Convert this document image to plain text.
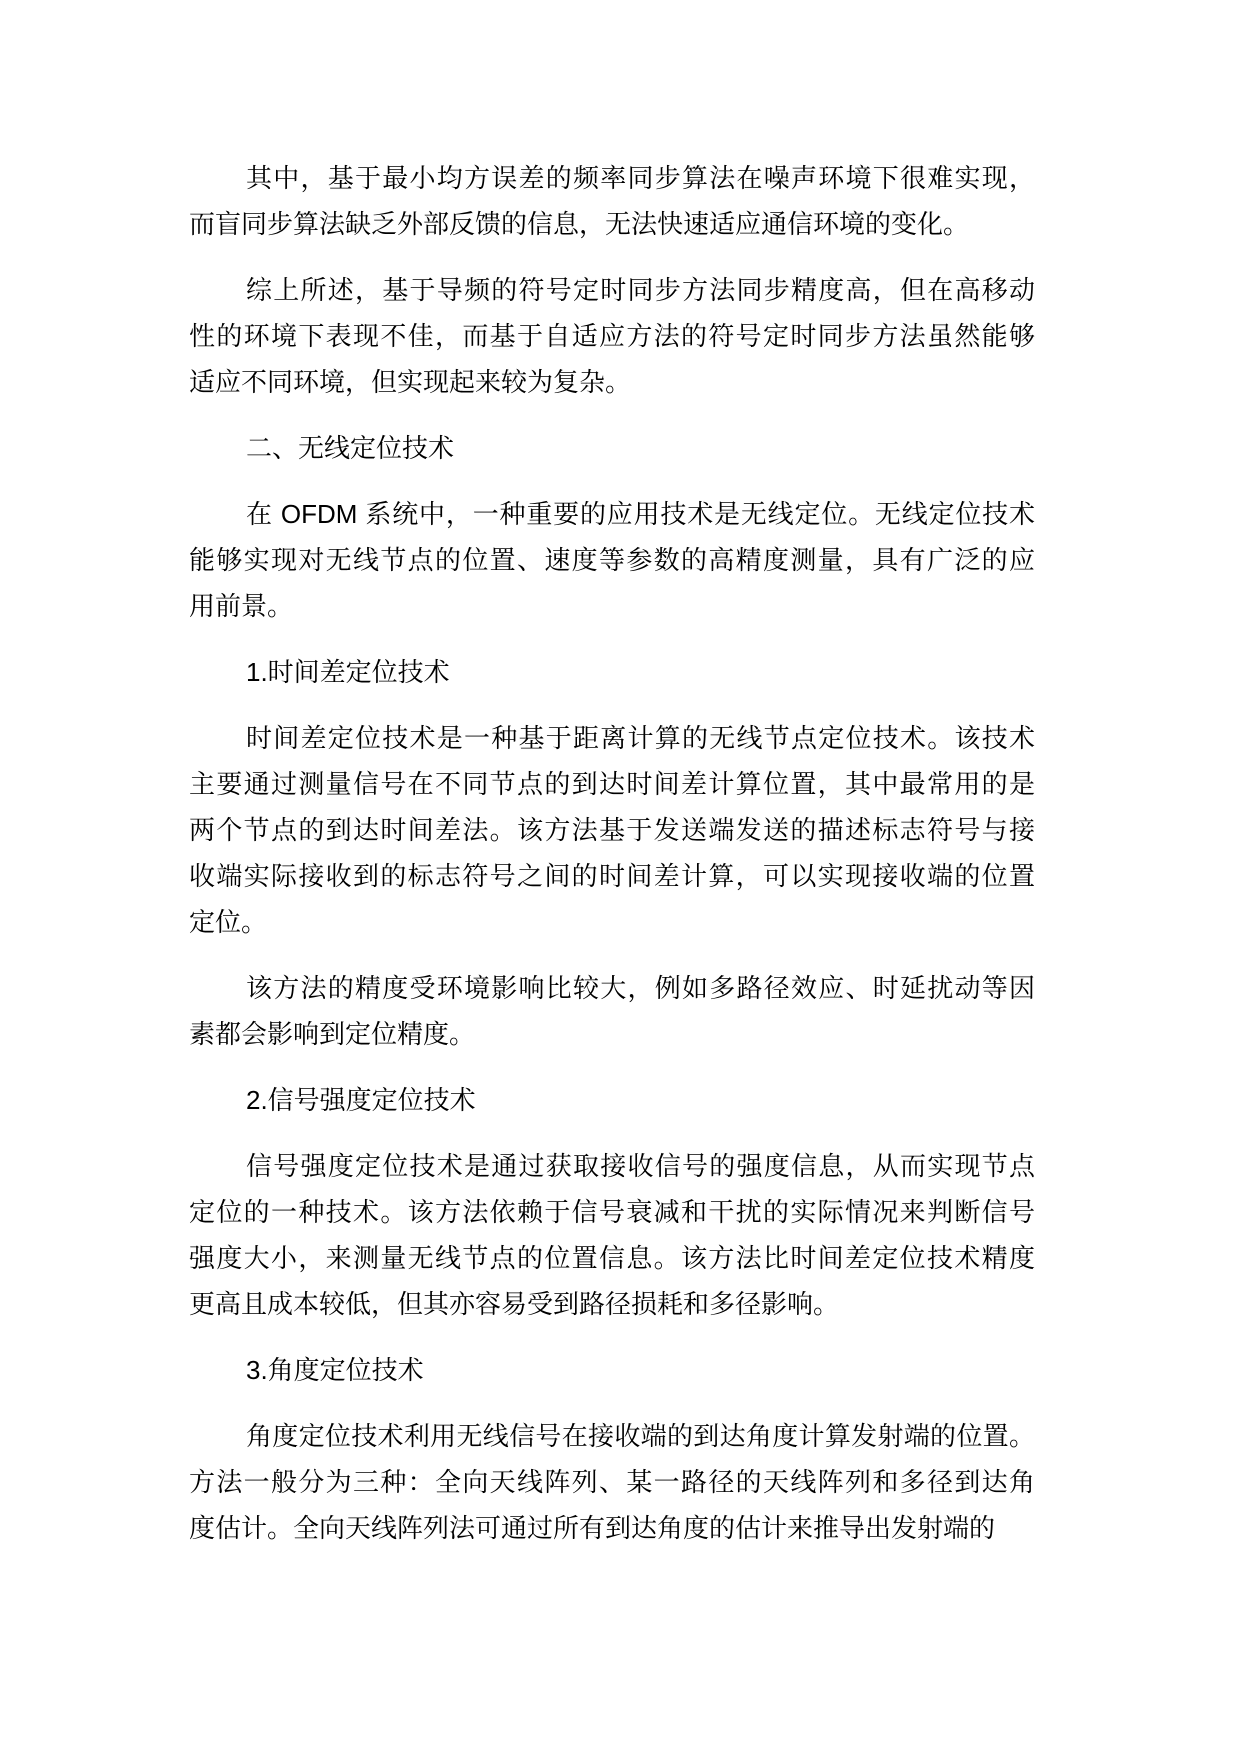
其中，基于最小均方误差的频率同步算法在噪声环境下很难实现，
而盲同步算法缺乏外部反馈的信息，无法快速适应通信环境的变化。
综上所述，基于导频的符号定时同步方法同步精度高，但在高移动
性的环境下表现不佳，而基于自适应方法的符号定时同步方法虽然能够
适应不同环境，但实现起来较为复杂。
二、无线定位技术
在 OFDM 系统中，一种重要的应用技术是无线定位。无线定位技术
能够实现对无线节点的位置、速度等参数的高精度测量，具有广泛的应
用前景。
1.时间差定位技术
时间差定位技术是一种基于距离计算的无线节点定位技术。该技术
主要通过测量信号在不同节点的到达时间差计算位置，其中最常用的是
两个节点的到达时间差法。该方法基于发送端发送的描述标志符号与接
收端实际接收到的标志符号之间的时间差计算，可以实现接收端的位置
定位。
该方法的精度受环境影响比较大，例如多路径效应、时延扰动等因
素都会影响到定位精度。
2.信号强度定位技术
信号强度定位技术是通过获取接收信号的强度信息，从而实现节点
定位的一种技术。该方法依赖于信号衰减和干扰的实际情况来判断信号
强度大小，来测量无线节点的位置信息。该方法比时间差定位技术精度
更高且成本较低，但其亦容易受到路径损耗和多径影响。
3.角度定位技术
角度定位技术利用无线信号在接收端的到达角度计算发射端的位置。
方法一般分为三种：全向天线阵列、某一路径的天线阵列和多径到达角
度估计。全向天线阵列法可通过所有到达角度的估计来推导出发射端的
